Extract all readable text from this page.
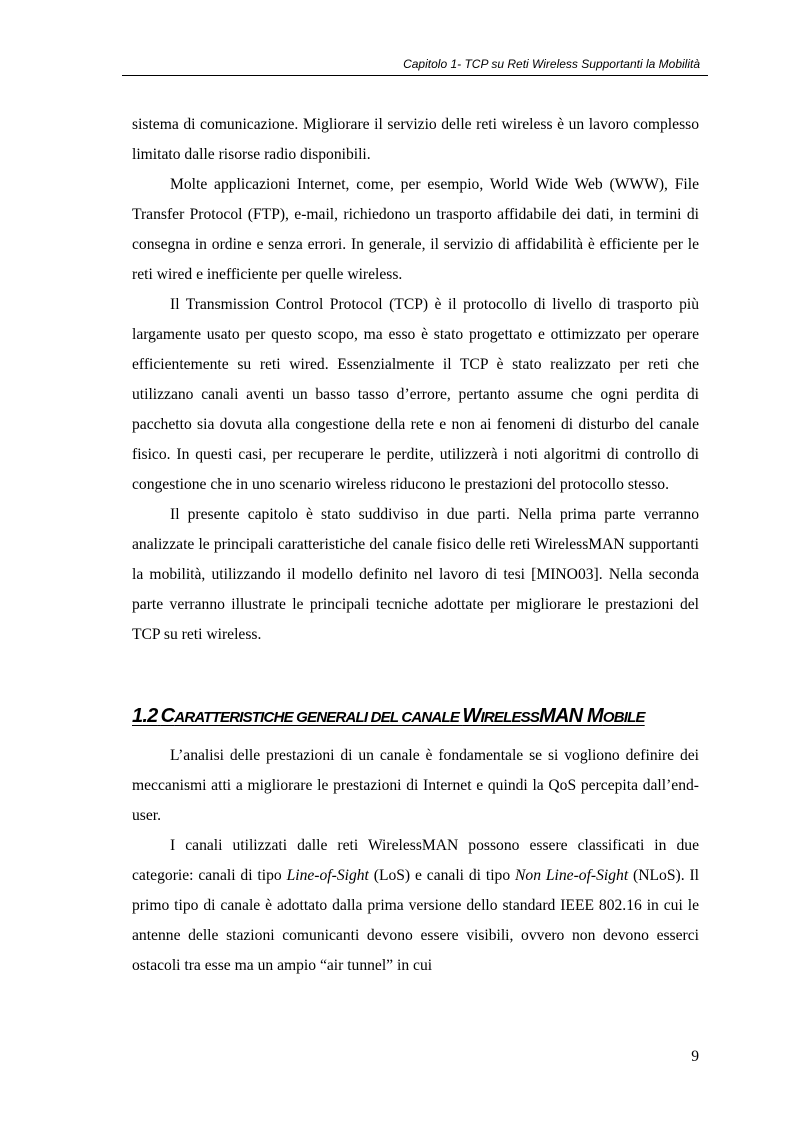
Capitolo 1- TCP su Reti Wireless Supportanti la Mobilità

sistema di comunicazione. Migliorare il servizio delle reti wireless è un lavoro complesso limitato dalle risorse radio disponibili.

Molte applicazioni Internet, come, per esempio, World Wide Web (WWW), File Transfer Protocol (FTP), e-mail, richiedono un trasporto affidabile dei dati, in termini di consegna in ordine e senza errori. In generale, il servizio di affidabilità è efficiente per le reti wired e inefficiente per quelle wireless.

Il Transmission Control Protocol (TCP) è il protocollo di livello di trasporto più largamente usato per questo scopo, ma esso è stato progettato e ottimizzato per operare efficientemente su reti wired. Essenzialmente il TCP è stato realizzato per reti che utilizzano canali aventi un basso tasso d’errore, pertanto assume che ogni perdita di pacchetto sia dovuta alla congestione della rete e non ai fenomeni di disturbo del canale fisico. In questi casi, per recuperare le perdite, utilizzerà i noti algoritmi di controllo di congestione che in uno scenario wireless riducono le prestazioni del protocollo stesso.

Il presente capitolo è stato suddiviso in due parti. Nella prima parte verranno analizzate le principali caratteristiche del canale fisico delle reti WirelessMAN supportanti la mobilità, utilizzando il modello definito nel lavoro di tesi [MINO03]. Nella seconda parte verranno illustrate le principali tecniche adottate per migliorare le prestazioni del TCP su reti wireless.

1.2  CARATTERISTICHE GENERALI DEL CANALE WIRELESSMAN MOBILE

L’analisi delle prestazioni di un canale è fondamentale se si vogliono definire dei meccanismi atti a migliorare le prestazioni di Internet e quindi la QoS percepita dall’end-user.

I canali utilizzati dalle reti WirelessMAN possono essere classificati in due categorie: canali di tipo Line-of-Sight (LoS) e canali di tipo Non Line-of-Sight (NLoS). Il primo tipo di canale è adottato dalla prima versione dello standard IEEE 802.16 in cui le antenne delle stazioni comunicanti devono essere visibili, ovvero non devono esserci ostacoli tra esse ma un ampio “air tunnel” in cui

9
